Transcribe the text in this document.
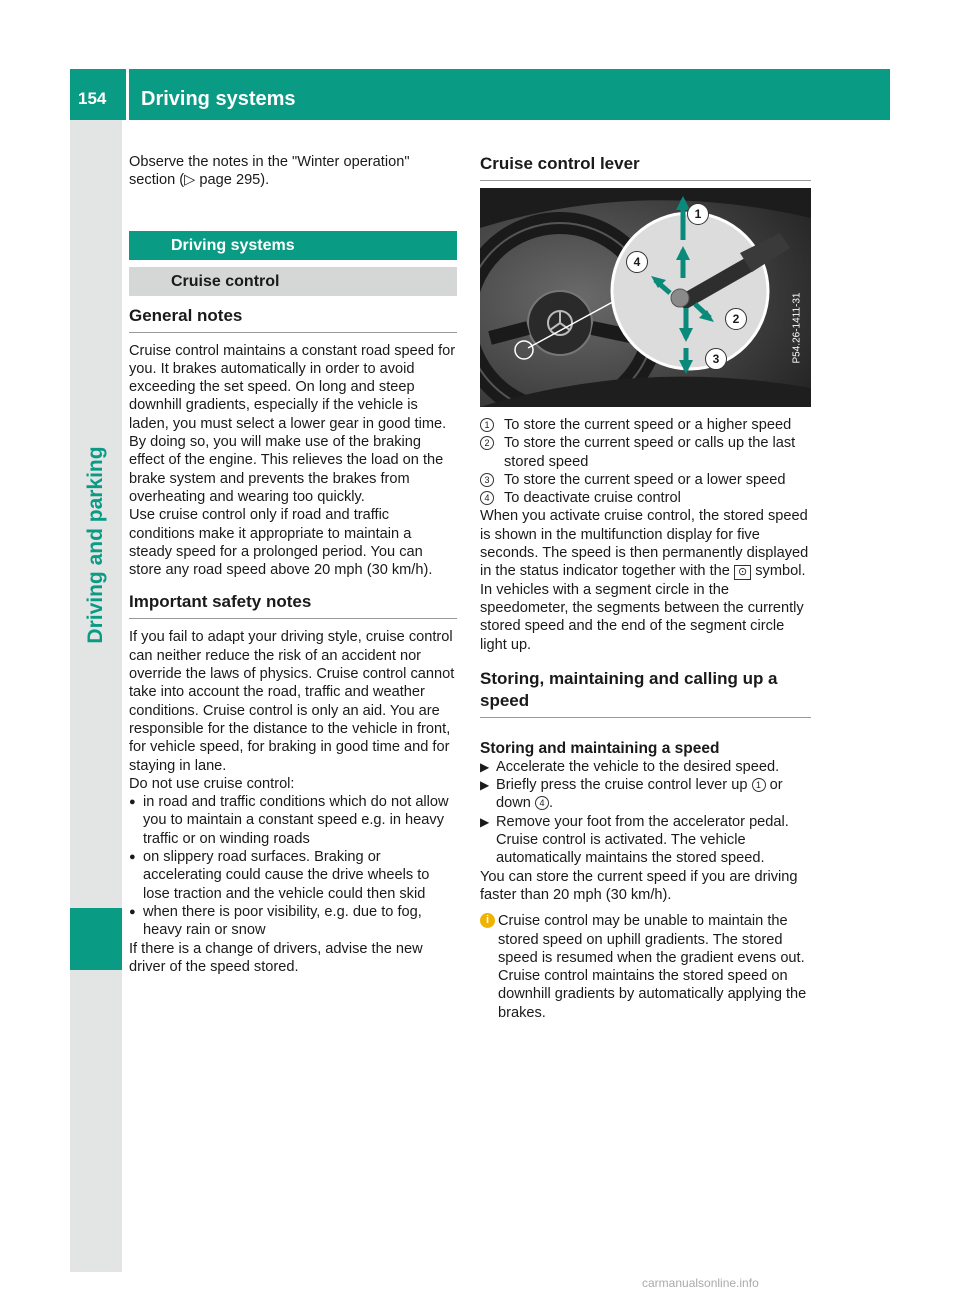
154 Driving systems
Driving and parking

Observe the notes in the "Winter operation" section (▷ page 295).

Driving systems
Cruise control
General notes

Cruise control maintains a constant road speed for you. It brakes automatically in order to avoid exceeding the set speed. On long and steep downhill gradients, especially if the vehicle is laden, you must select a lower gear in good time. By doing so, you will make use of the braking effect of the engine. This relieves the load on the brake system and prevents the brakes from overheating and wearing too quickly.

Use cruise control only if road and traffic conditions make it appropriate to maintain a steady speed for a prolonged period. You can store any road speed above 20 mph (30 km/h).

Important safety notes

If you fail to adapt your driving style, cruise control can neither reduce the risk of an accident nor override the laws of physics. Cruise control cannot take into account the road, traffic and weather conditions. Cruise control is only an aid. You are responsible for the distance to the vehicle in front, for vehicle speed, for braking in good time and for staying in lane.

Do not use cruise control:

● in road and traffic conditions which do not allow you to maintain a constant speed e.g. in heavy traffic or on winding roads
● on slippery road surfaces. Braking or accelerating could cause the drive wheels to lose traction and the vehicle could then skid
● when there is poor visibility, e.g. due to fog, heavy rain or snow

If there is a change of drivers, advise the new driver of the speed stored.

Cruise control lever
1
2
3
4
P54.26-1411-31
1 To store the current speed or a higher speed
2 To store the current speed or calls up the last stored speed
3 To store the current speed or a lower speed
4 To deactivate cruise control

When you activate cruise control, the stored speed is shown in the multifunction display for five seconds. The speed is then permanently displayed in the status indicator together with the ⊙ symbol.

In vehicles with a segment circle in the speedometer, the segments between the currently stored speed and the end of the segment circle light up.

Storing, maintaining and calling up a speed
Storing and maintaining a speed
▶ Accelerate the vehicle to the desired speed.
▶ Briefly press the cruise control lever up 1 or down 4 .
▶ Remove your foot from the accelerator pedal.
Cruise control is activated. The vehicle automatically maintains the stored speed.

You can store the current speed if you are driving faster than 20 mph (30 km/h).

i Cruise control may be unable to maintain the stored speed on uphill gradients. The stored speed is resumed when the gradient evens out. Cruise control maintains the stored speed on downhill gradients by automatically applying the brakes.
carmanualsonline.info
